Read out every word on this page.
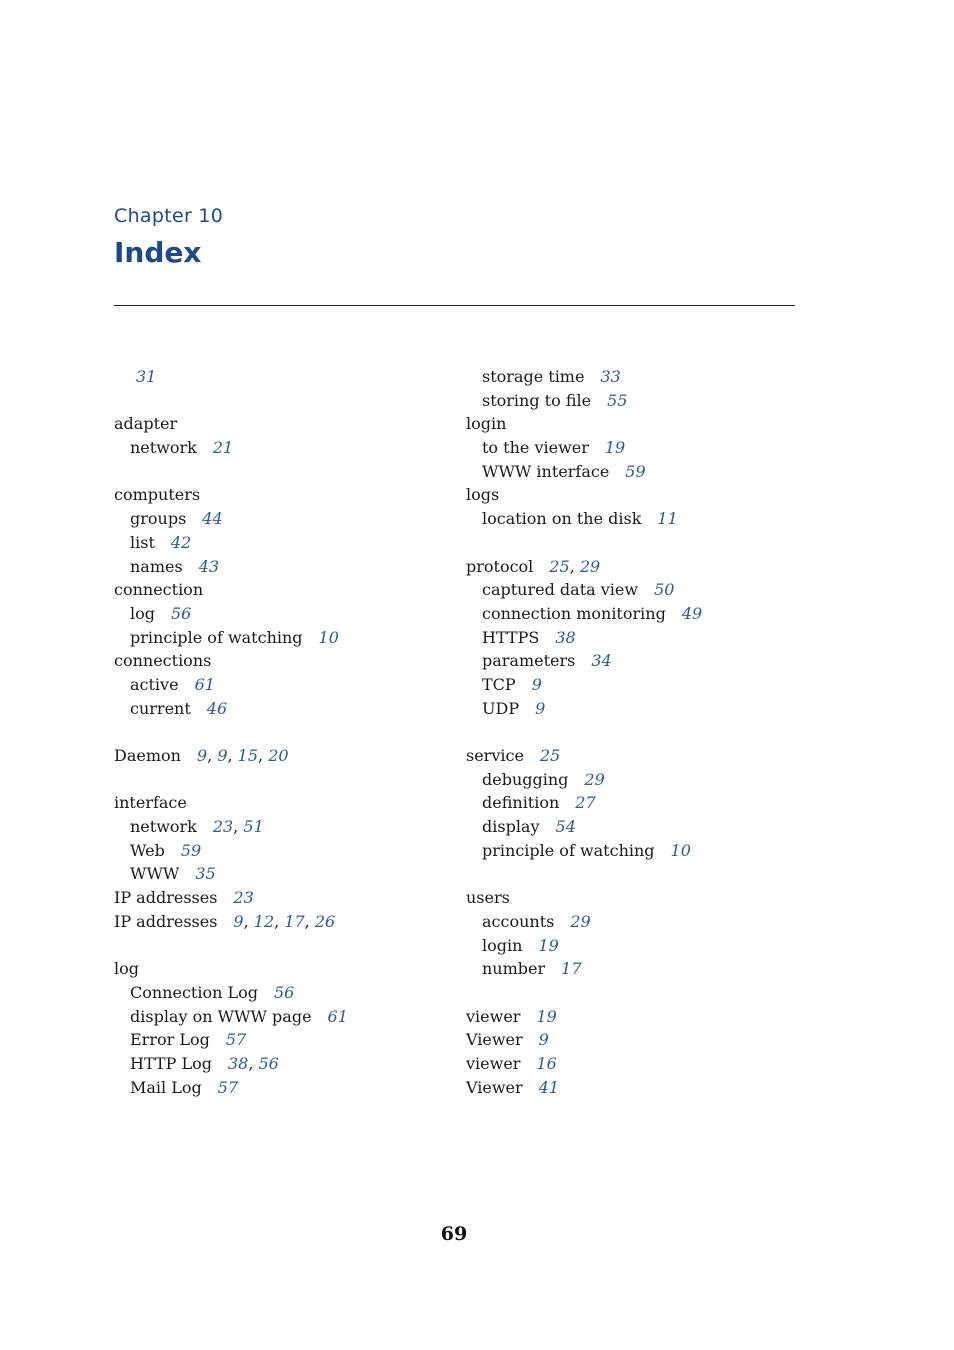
Chapter 10
Index
31
adapter
network 21
computers
groups 44
list 42
names 43
connection
log 56
principle of watching 10
connections
active 61
current 46
Daemon 9, 9, 15, 20
interface
network 23, 51
Web 59
WWW 35
IP addresses 23
IP addresses 9, 12, 17, 26
log
Connection Log 56
display on WWW page 61
Error Log 57
HTTP Log 38, 56
Mail Log 57
storage time 33
storing to file 55
login
to the viewer 19
WWW interface 59
logs
location on the disk 11
protocol 25, 29
captured data view 50
connection monitoring 49
HTTPS 38
parameters 34
TCP 9
UDP 9
service 25
debugging 29
definition 27
display 54
principle of watching 10
users
accounts 29
login 19
number 17
viewer 19
Viewer 9
viewer 16
Viewer 41
69
